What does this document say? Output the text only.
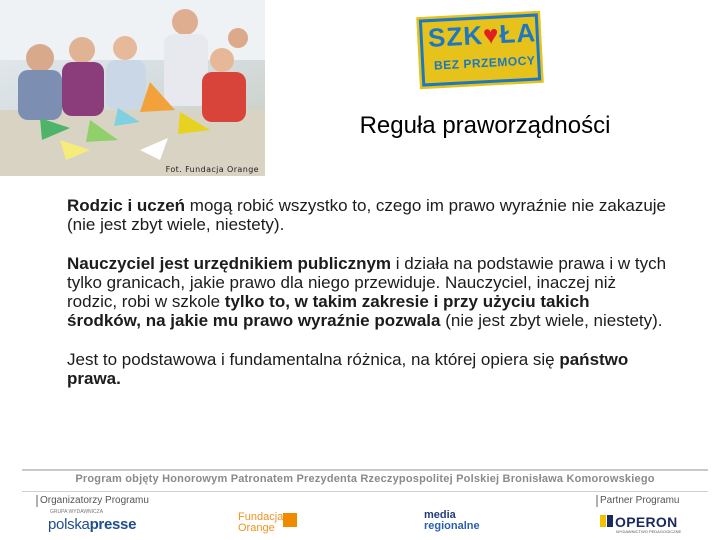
Fot. Fundacja Orange
SZK♥ŁA
BEZ PRZEMOCY
Reguła praworządności

Rodzic i uczeń mogą robić wszystko to, czego im prawo wyraźnie nie zakazuje (nie jest zbyt wiele, niestety).

Nauczyciel jest urzędnikiem publicznym i działa na podstawie prawa i w tych tylko granicach, jakie prawo dla niego przewiduje. Nauczyciel, inaczej niż rodzic, robi w szkole tylko to, w takim zakresie i przy użyciu takich środków, na jakie mu prawo wyraźnie pozwala (nie jest zbyt wiele, niestety).

Jest to podstawowa i fundamentalna różnica, na której opiera się państwo prawa.

Program objęty Honorowym Patronatem Prezydenta Rzeczypospolitej Polskiej Bronisława Komorowskiego
Organizatorzy Programu	Partner Programu
GRUPA WYDAWNICZA
polskapresse	Fundacja
Orange
media
regionalne	OPERON
WYDAWNICTWO PEDAGOGICZNE
